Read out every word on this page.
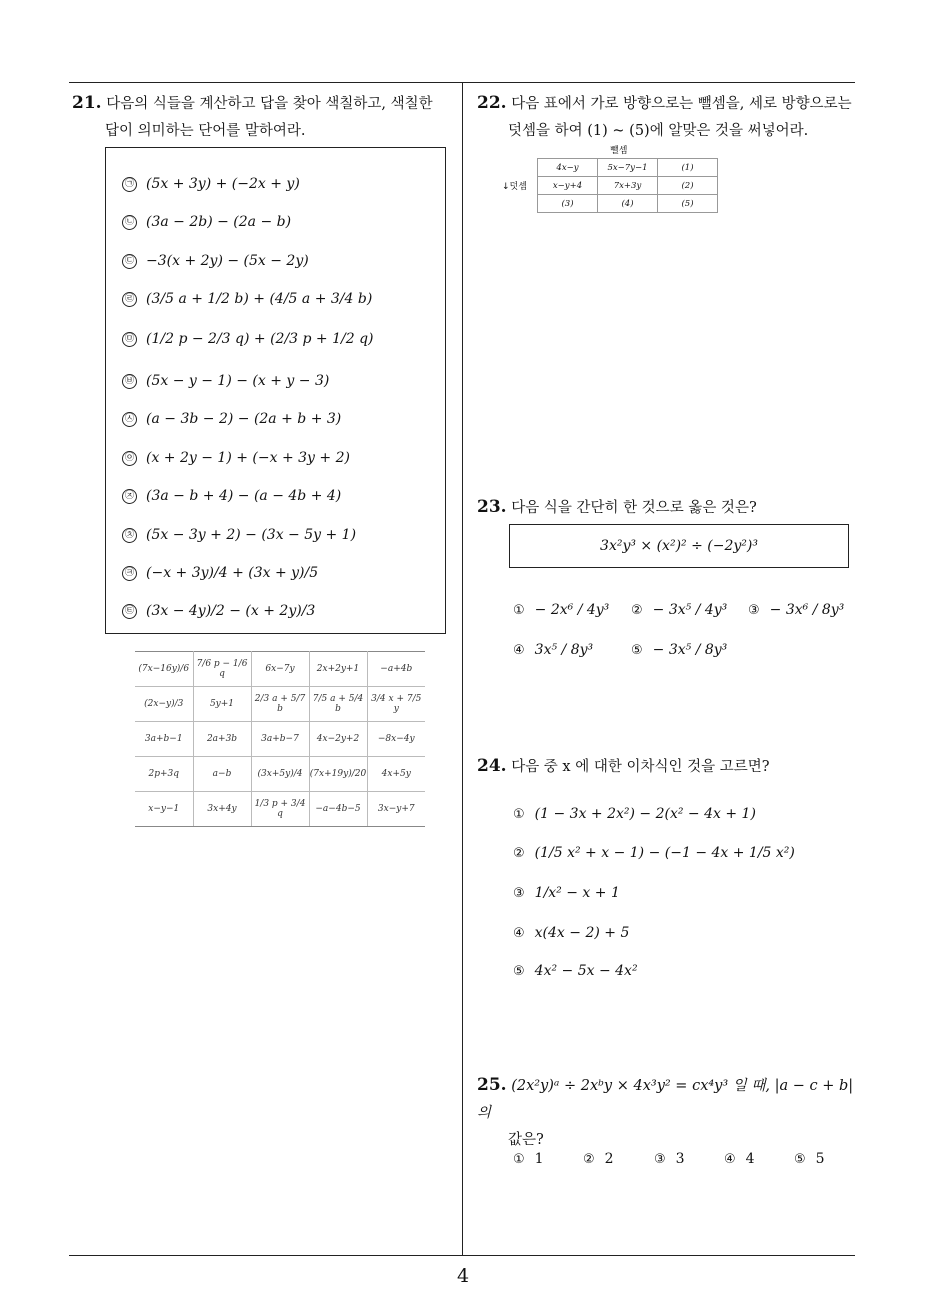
21. 다음의 식들을 계산하고 답을 찾아 색칠하고, 색칠한
답이 의미하는 단어를 말하여라.
㉠ (5x + 3y) + (−2x + y)
㉡ (3a − 2b) − (2a − b)
㉢ −3(x + 2y) − (5x − 2y)
㉣ (3/5 a + 1/2 b) + (4/5 a + 3/4 b)
㉤ (1/2 p − 2/3 q) + (2/3 p + 1/2 q)
㉥ (5x − y − 1) − (x + y − 3)
㉦ (a − 3b − 2) − (2a + b + 3)
㉧ (x + 2y − 1) + (−x + 3y + 2)
㉨ (3a − b + 4) − (a − 4b + 4)
㉩ (5x − 3y + 2) − (3x − 5y + 1)
㉪ (−x + 3y)/4 + (3x + y)/5
㉫ (3x − 4y)/2 − (x + 2y)/3
(7x−16y)/6	7/6 p − 1/6 q	6x−7y	2x+2y+1	−a+4b
(2x−y)/3	5y+1	2/3 a + 5/7 b	7/5 a + 5/4 b	3/4 x + 7/5 y
3a+b−1	2a+3b	3a+b−7	4x−2y+2	−8x−4y
2p+3q	a−b	(3x+5y)/4	(7x+19y)/20	4x+5y
x−y−1	3x+4y	1/3 p + 3/4 q	−a−4b−5	3x−y+7
22. 다음 표에서 가로 방향으로는 뺄셈을, 세로 방향으로는
덧셈을 하여 (1) ~ (5)에 알맞은 것을 써넣어라.
뺄셈
↓덧셈
4x−y	5x−7y−1	(1)
x−y+4	7x+3y	(2)
(3)	(4)	(5)
23. 다음 식을 간단히 한 것으로 옳은 것은?
3x²y³ × (x²)² ÷ (−2y²)³
① − 2x⁶ / 4y³ ② − 3x⁵ / 4y³ ③ − 3x⁶ / 8y³
④ 3x⁵ / 8y³	⑤ − 3x⁵ / 8y³
24. 다음 중 x 에 대한 이차식인 것을 고르면?
① (1 − 3x + 2x²) − 2(x² − 4x + 1)
② (1/5 x² + x − 1) − (−1 − 4x + 1/5 x²)
③ 1/x² − x + 1
④ x(4x − 2) + 5
⑤ 4x² − 5x − 4x²
25. (2x²y)ᵃ ÷ 2xᵇy × 4x³y² = cx⁴y³ 일 때, |a − c + b| 의
값은?
① 1	② 2	③ 3	④ 4	⑤ 5
4
